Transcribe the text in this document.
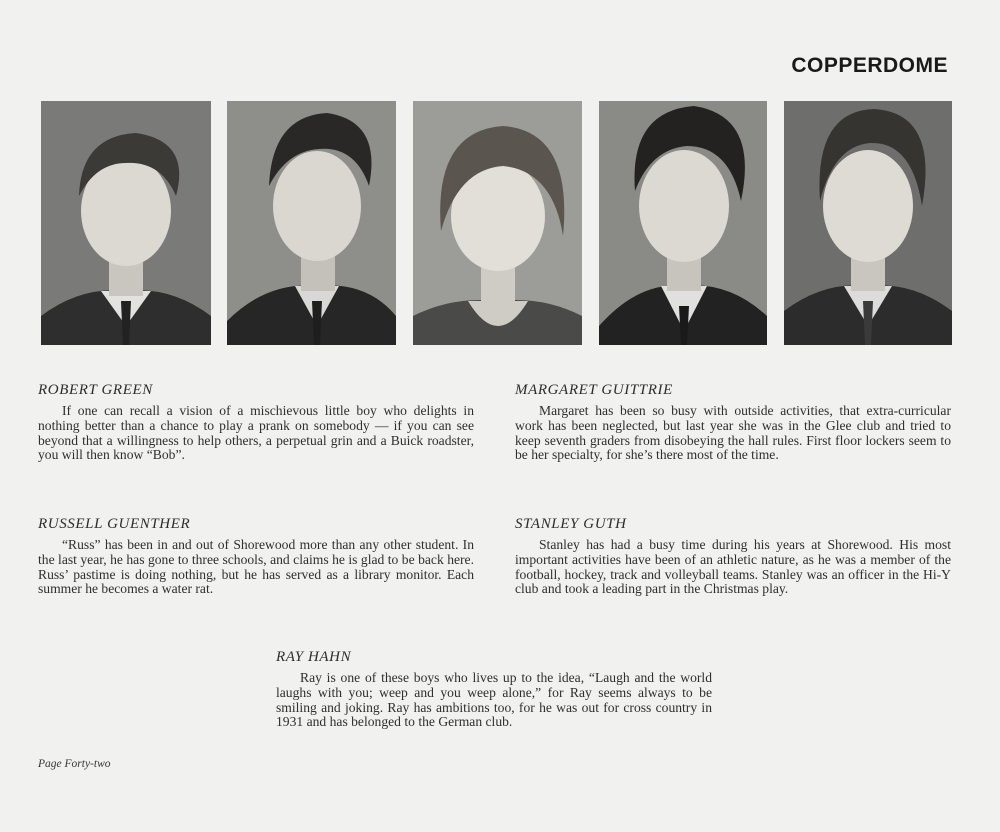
COPPERDOME

ROBERT GREEN

If one can recall a vision of a mischievous little boy who delights in nothing better than a chance to play a prank on somebody — if you can see beyond that a willingness to help others, a perpetual grin and a Buick roadster, you will then know “Bob”.

MARGARET GUITTRIE

Margaret has been so busy with outside activities, that extra-curricular work has been neglected, but last year she was in the Glee club and tried to keep seventh graders from disobeying the hall rules. First floor lockers seem to be her specialty, for she’s there most of the time.

RUSSELL GUENTHER

“Russ” has been in and out of Shorewood more than any other student. In the last year, he has gone to three schools, and claims he is glad to be back here. Russ’ pastime is doing nothing, but he has served as a library monitor. Each summer he becomes a water rat.

STANLEY GUTH

Stanley has had a busy time during his years at Shorewood. His most important activities have been of an athletic nature, as he was a member of the football, hockey, track and volleyball teams. Stanley was an officer in the Hi-Y club and took a leading part in the Christmas play.

RAY HAHN

Ray is one of these boys who lives up to the idea, “Laugh and the world laughs with you; weep and you weep alone,” for Ray seems always to be smiling and joking. Ray has ambitions too, for he was out for cross country in 1931 and has belonged to the German club.

Page Forty-two
